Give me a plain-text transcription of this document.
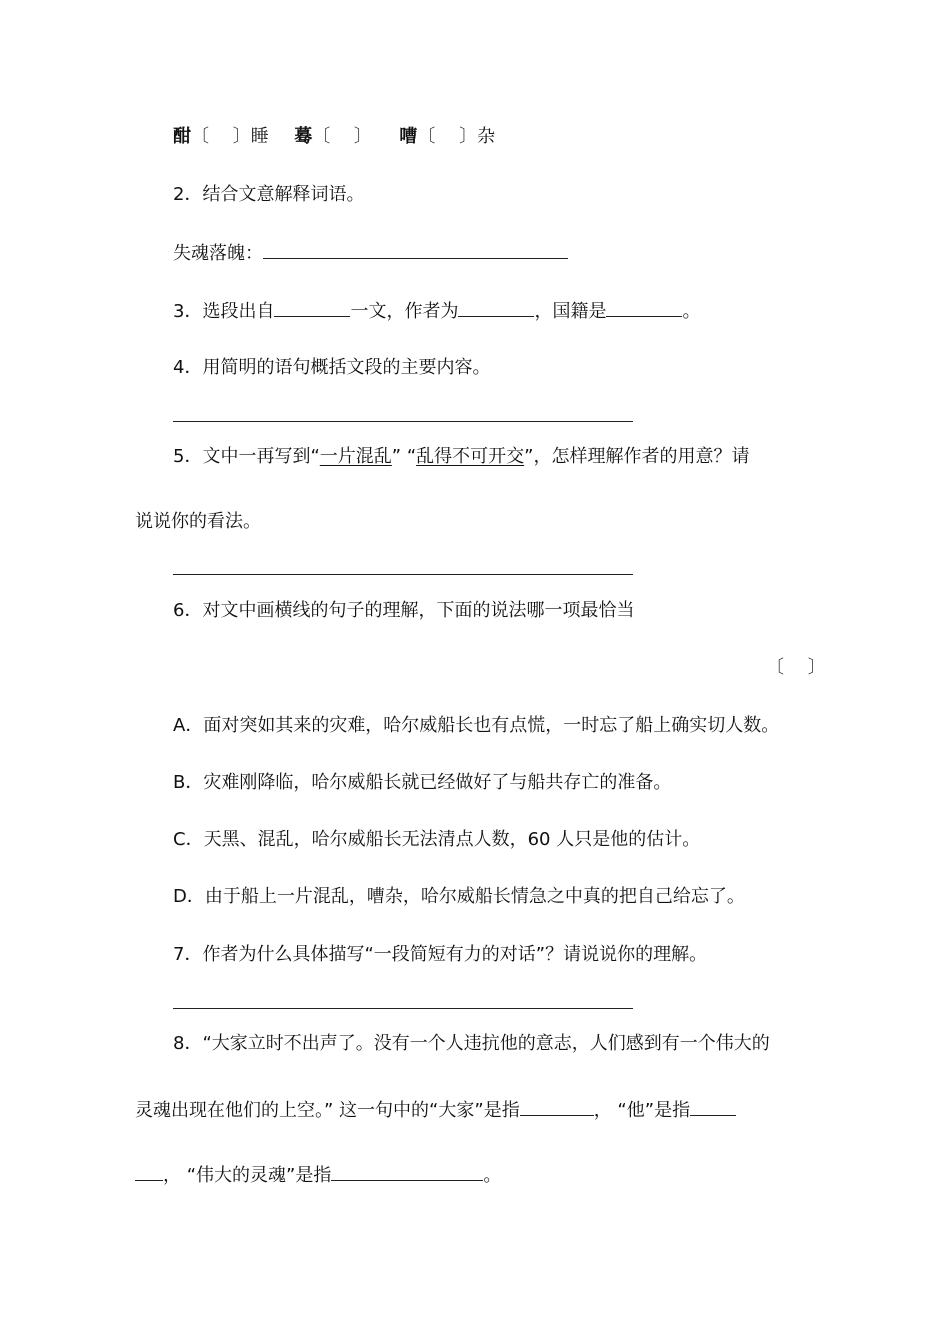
酣〔　 〕睡 蓦〔　 〕 嘈〔　 〕杂
2．结合文意解释词语。
失魂落魄：
3．选段出自	一文，作者为	，国籍是	。
4．用简明的语句概括文段的主要内容。
5．文中一再写到“一片混乱” “乱得不可开交”，怎样理解作者的用意？请
说说你的看法。
6．对文中画横线的句子的理解，下面的说法哪一项最恰当
〔　 〕
A．面对突如其来的灾难，哈尔威船长也有点慌，一时忘了船上确实切人数。
B．灾难刚降临，哈尔威船长就已经做好了与船共存亡的准备。
C．天黑、混乱，哈尔威船长无法清点人数，60 人只是他的估计。
D．由于船上一片混乱，嘈杂，哈尔威船长情急之中真的把自己给忘了。
7．作者为什么具体描写“一段简短有力的对话”？请说说你的理解。
8．“大家立时不出声了。没有一个人违抗他的意志，人们感到有一个伟大的
灵魂出现在他们的上空。” 这一句中的“大家”是指	， “他”是指
， “伟大的灵魂”是指	。
